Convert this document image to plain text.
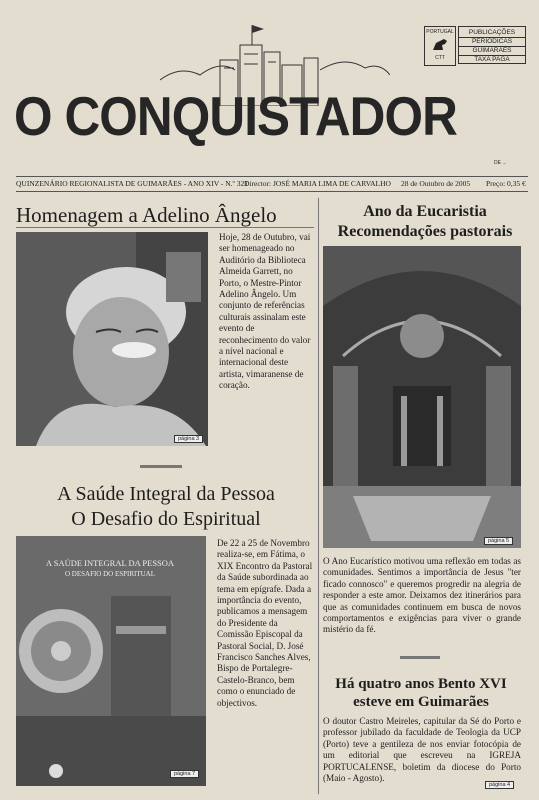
PORTUGAL
CTT
PUBLICAÇÕES
PERIÓDICAS
GUIMARÃES
TAXA PAGA
O CONQUISTADOR
DE ...
QUINZENÁRIO REGIONALISTA DE GUIMARÃES - ANO XIV - N.º 321
Director: JOSÉ MARIA LIMA DE CARVALHO 28 de Outubro de 2005 Preço: 0,35 €
Homenagem a Adelino Ângelo
página 3
Hoje, 28 de Outubro, vai ser homenageado no Auditório da Biblioteca Almeida Garrett, no Porto, o Mestre-Pintor Adelino Ângelo. Um conjunto de referências culturais assinalam este evento de reconhecimento do valor a nível nacional e internacional deste artista, vimaranense de coração.
A Saúde Integral da Pessoa
O Desafio do Espiritual
A SAÚDE INTEGRAL DA PESSOA
O DESAFIO DO ESPIRITUAL
página 7
De 22 a 25 de Novembro realiza-se, em Fátima, o XIX Encontro da Pastoral da Saúde subordinada ao tema em epígrafe. Dada a importância do evento, publicamos a mensagem do Presidente da Comissão Episcopal da Pastoral Social, D. José Francisco Sanches Alves, Bispo de Portalegre-Castelo-Branco, bem como o enunciado de objectivos.
Ano da Eucaristia
Recomendações pastorais
página 5
O Ano Eucarístico motivou uma reflexão em todas as comunidades. Sentimos a importância de Jesus "ter ficado connosco" e queremos progredir na alegria de responder a este amor. Deixamos dez itinerários para que as comunidades continuem em busca de novos comportamentos e exigências para viver o grande mistério da fé.
Há quatro anos Bento XVI
esteve em Guimarães
O doutor Castro Meireles, capitular da Sé do Porto e professor jubilado da faculdade de Teologia da UCP (Porto) teve a gentileza de nos enviar fotocópia de um editorial que escreveu na IGREJA PORTUCALENSE, boletim da diocese do Porto (Maio - Agosto).
página 4
